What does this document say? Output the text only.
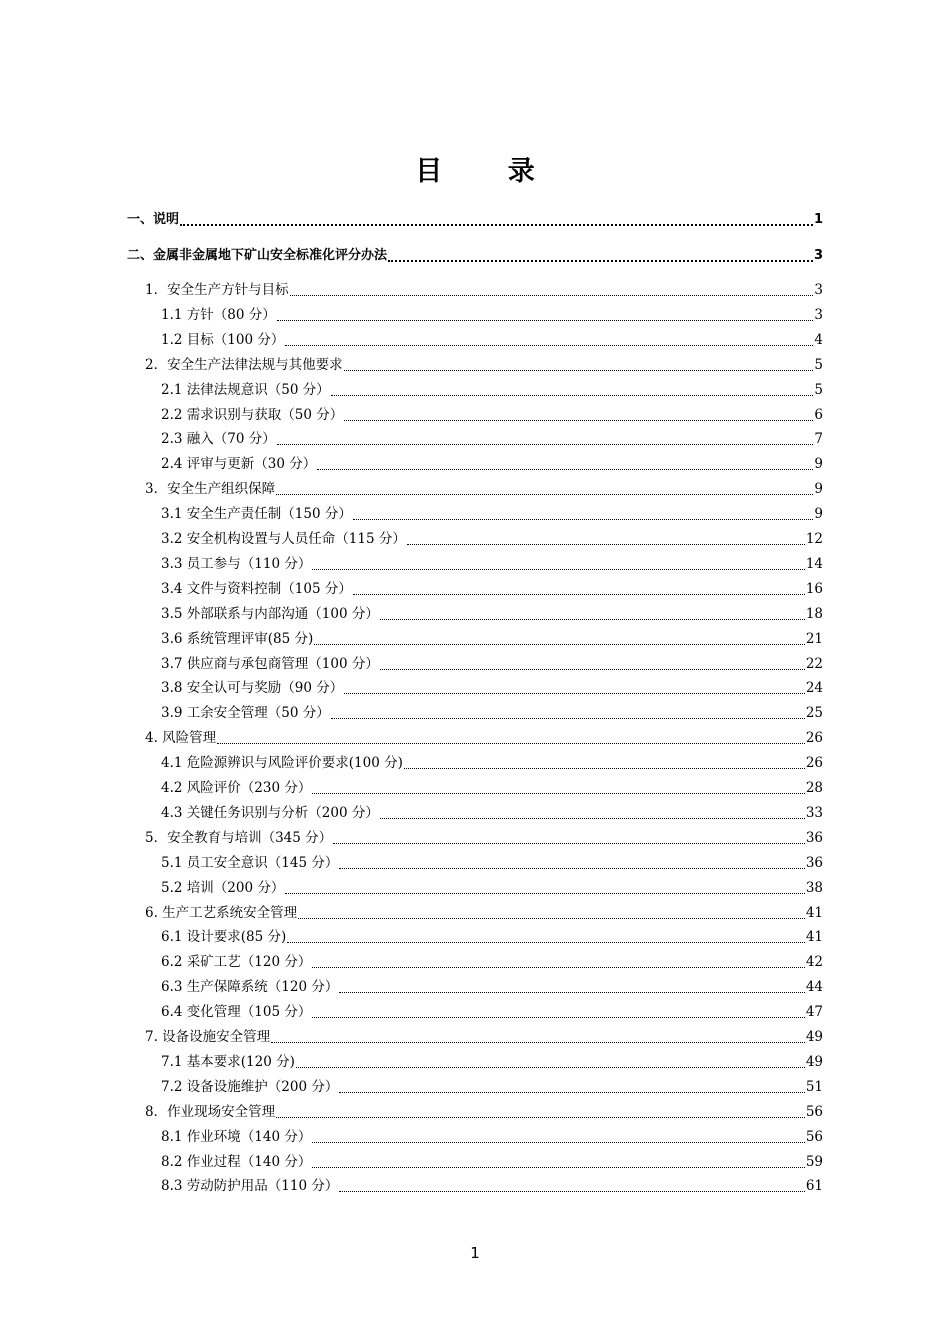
目 录
一、说明	1
二、金属非金属地下矿山安全标准化评分办法	3
1．安全生产方针与目标	3
1.1 方针（80 分）	3
1.2 目标（100 分）	4
2．安全生产法律法规与其他要求	5
2.1 法律法规意识（50 分）	5
2.2 需求识别与获取（50 分）	6
2.3 融入（70 分）	7
2.4 评审与更新（30 分）	9
3．安全生产组织保障	9
3.1 安全生产责任制（150 分）	9
3.2 安全机构设置与人员任命（115 分）	12
3.3 员工参与（110 分）	14
3.4 文件与资料控制（105 分）	16
3.5 外部联系与内部沟通（100 分）	18
3.6 系统管理评审(85 分)	21
3.7 供应商与承包商管理（100 分）	22
3.8 安全认可与奖励（90 分）	24
3.9 工余安全管理（50 分）	25
4. 风险管理	26
4.1 危险源辨识与风险评价要求(100 分)	26
4.2 风险评价（230 分）	28
4.3 关键任务识别与分析（200 分）	33
5．安全教育与培训（345 分）	36
5.1 员工安全意识（145 分）	36
5.2 培训（200 分）	38
6. 生产工艺系统安全管理	41
6.1 设计要求(85 分)	41
6.2 采矿工艺（120 分）	42
6.3 生产保障系统（120 分）	44
6.4 变化管理（105 分）	47
7. 设备设施安全管理	49
7.1 基本要求(120 分)	49
7.2 设备设施维护（200 分）	51
8．作业现场安全管理	56
8.1 作业环境（140 分）	56
8.2 作业过程（140 分）	59
8.3 劳动防护用品（110 分）	61
1
